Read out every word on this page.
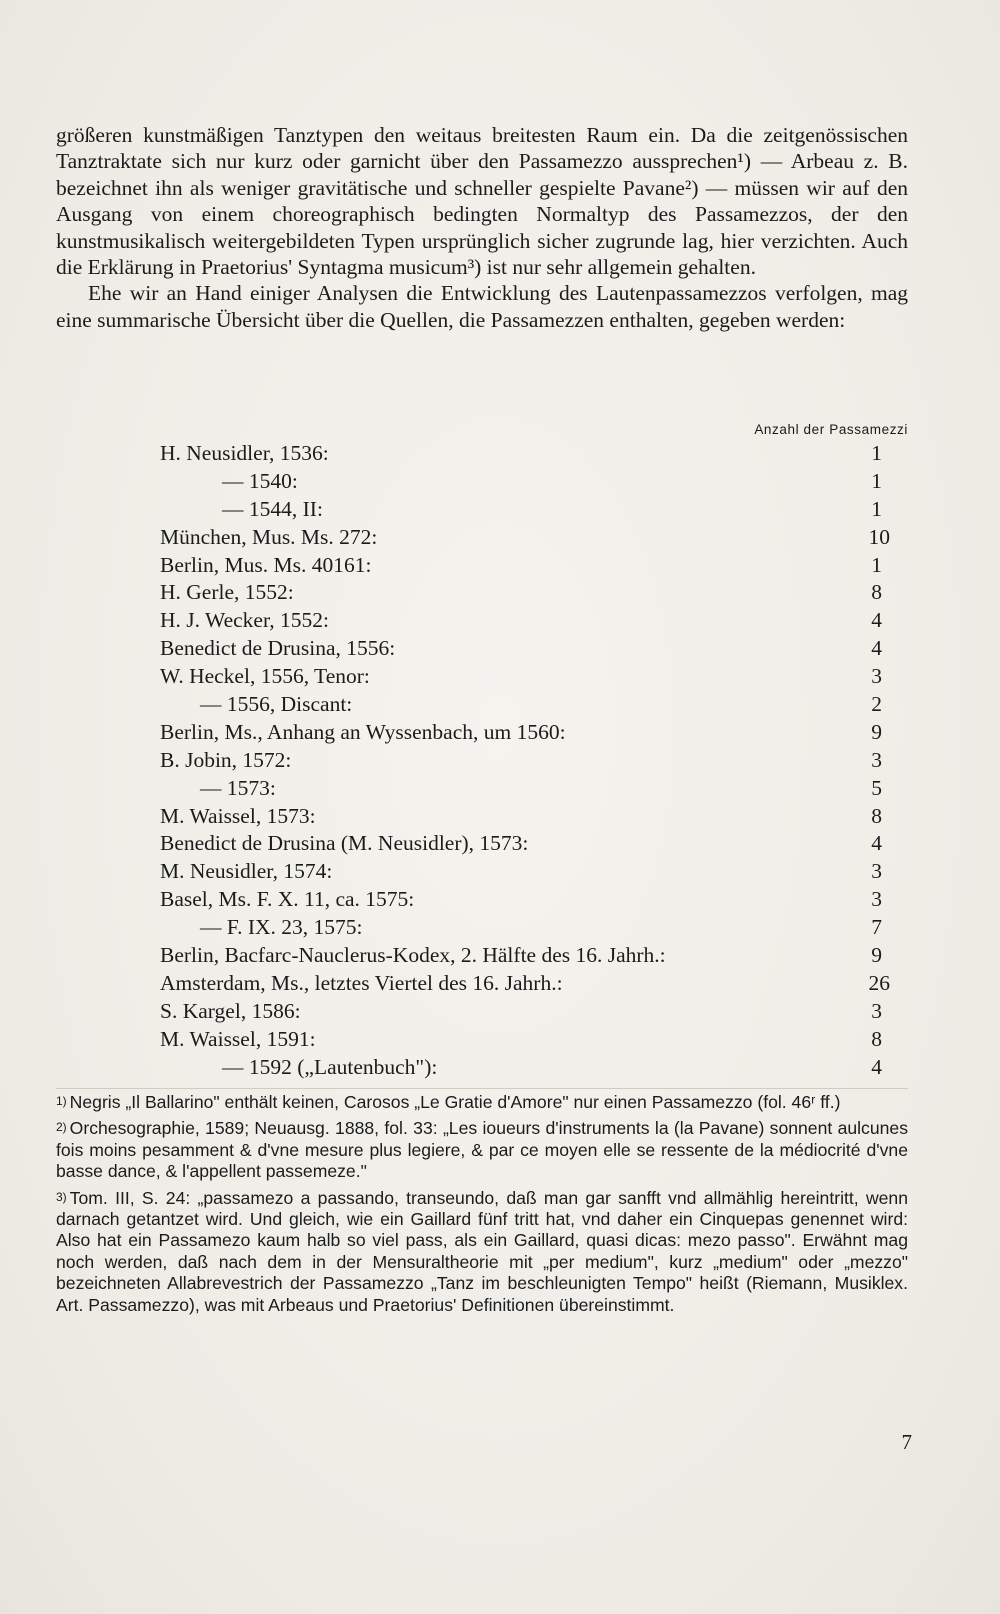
größeren kunstmäßigen Tanztypen den weitaus breitesten Raum ein. Da die zeitgenössischen Tanztraktate sich nur kurz oder garnicht über den Passamezzo aussprechen¹) — Arbeau z. B. bezeichnet ihn als weniger gravitätische und schneller gespielte Pavane²) — müssen wir auf den Ausgang von einem choreographisch bedingten Normaltyp des Passamezzos, der den kunstmusikalisch weitergebildeten Typen ursprünglich sicher zugrunde lag, hier verzichten. Auch die Erklärung in Praetorius' Syntagma musicum³) ist nur sehr allgemein gehalten.

Ehe wir an Hand einiger Analysen die Entwicklung des Lautenpassamezzos verfolgen, mag eine summarische Übersicht über die Quellen, die Passamezzen enthalten, gegeben werden:

Anzahl der Passamezzi
H. Neusidler, 1536:	1
— 1540:	1
— 1544, II:	1
München, Mus. Ms. 272:	10
Berlin, Mus. Ms. 40161:	1
H. Gerle, 1552:	8
H. J. Wecker, 1552:	4
Benedict de Drusina, 1556:	4
W. Heckel, 1556, Tenor:	3
— 1556, Discant:	2
Berlin, Ms., Anhang an Wyssenbach, um 1560:	9
B. Jobin, 1572:	3
— 1573:	5
M. Waissel, 1573:	8
Benedict de Drusina (M. Neusidler), 1573:	4
M. Neusidler, 1574:	3
Basel, Ms. F. X. 11, ca. 1575:	3
— F. IX. 23, 1575:	7
Berlin, Bacfarc-Nauclerus-Kodex, 2. Hälfte des 16. Jahrh.:	9
Amsterdam, Ms., letztes Viertel des 16. Jahrh.:	26
S. Kargel, 1586:	3
M. Waissel, 1591:	8
— 1592 („Lautenbuch"):	4

1) Negris „Il Ballarino" enthält keinen, Carosos „Le Gratie d'Amore" nur einen Passamezzo (fol. 46ʳ ff.)

2) Orchesographie, 1589; Neuausg. 1888, fol. 33: „Les ioueurs d'instruments la (la Pavane) sonnent aulcunes fois moins pesamment & d'vne mesure plus legiere, & par ce moyen elle se ressente de la médiocrité d'vne basse dance, & l'appellent passemeze."

3) Tom. III, S. 24: „passamezo a passando, transeundo, daß man gar sanfft vnd allmählig hereintritt, wenn darnach getantzet wird. Und gleich, wie ein Gaillard fünf tritt hat, vnd daher ein Cinquepas genennet wird: Also hat ein Passamezo kaum halb so viel pass, als ein Gaillard, quasi dicas: mezo passo". Erwähnt mag noch werden, daß nach dem in der Mensuraltheorie mit „per medium", kurz „medium" oder „mezzo" bezeichneten Allabrevestrich der Passamezzo „Tanz im beschleunigten Tempo" heißt (Riemann, Musiklex. Art. Passamezzo), was mit Arbeaus und Praetorius' Definitionen übereinstimmt.

7
